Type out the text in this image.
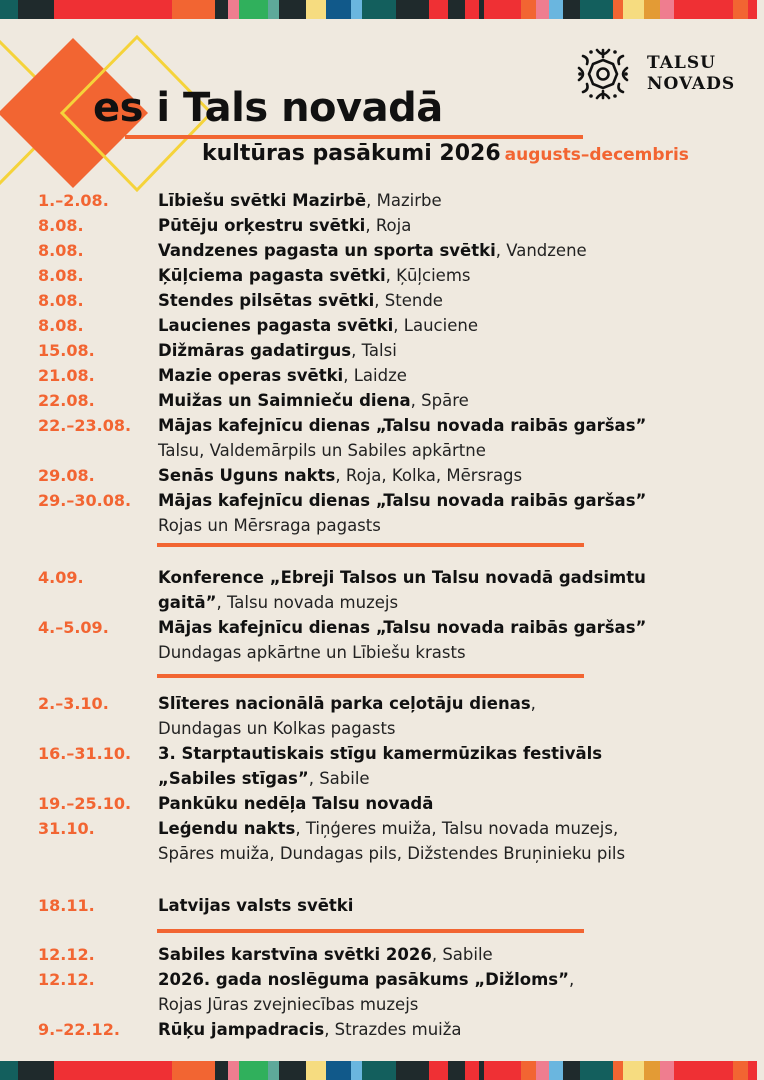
es i Tals novadā
kultūras pasākumi 2026 augusts–decembris
TALSU
NOVADS
1.–2.08.	Lībiešu svētki Mazirbē, Mazirbe
8.08.	Pūtēju orķestru svētki, Roja
8.08.	Vandzenes pagasta un sporta svētki, Vandzene
8.08.	Ķūļciema pagasta svētki, Ķūļciems
8.08.	Stendes pilsētas svētki, Stende
8.08.	Laucienes pagasta svētki, Lauciene
15.08.	Dižmāras gadatirgus, Talsi
21.08.	Mazie operas svētki, Laidze
22.08.	Muižas un Saimnieču diena, Spāre
22.–23.08. Mājas kafejnīcu dienas „Talsu novada raibās garšas”
Talsu, Valdemārpils un Sabiles apkārtne
29.08.	Senās Uguns nakts, Roja, Kolka, Mērsrags
29.–30.08. Mājas kafejnīcu dienas „Talsu novada raibās garšas”
Rojas un Mērsraga pagasts
4.09.	Konference „Ebreji Talsos un Talsu novadā gadsimtu
gaitā”, Talsu novada muzejs
4.–5.09.	Mājas kafejnīcu dienas „Talsu novada raibās garšas”
Dundagas apkārtne un Lībiešu krasts
2.–3.10.	Slīteres nacionālā parka ceļotāju dienas,
Dundagas un Kolkas pagasts
16.–31.10. 3. Starptautiskais stīgu kamermūzikas festivāls
„Sabiles stīgas”, Sabile
19.–25.10. Pankūku nedēļa Talsu novadā
31.10.	Leģendu nakts, Tiņģeres muiža, Talsu novada muzejs,
Spāres muiža, Dundagas pils, Dižstendes Bruņinieku pils
18.11.	Latvijas valsts svētki
12.12.	Sabiles karstvīna svētki 2026, Sabile
12.12.	2026. gada noslēguma pasākums „Dižloms”,
Rojas Jūras zvejniecības muzejs
9.–22.12. Rūķu jampadracis, Strazdes muiža
